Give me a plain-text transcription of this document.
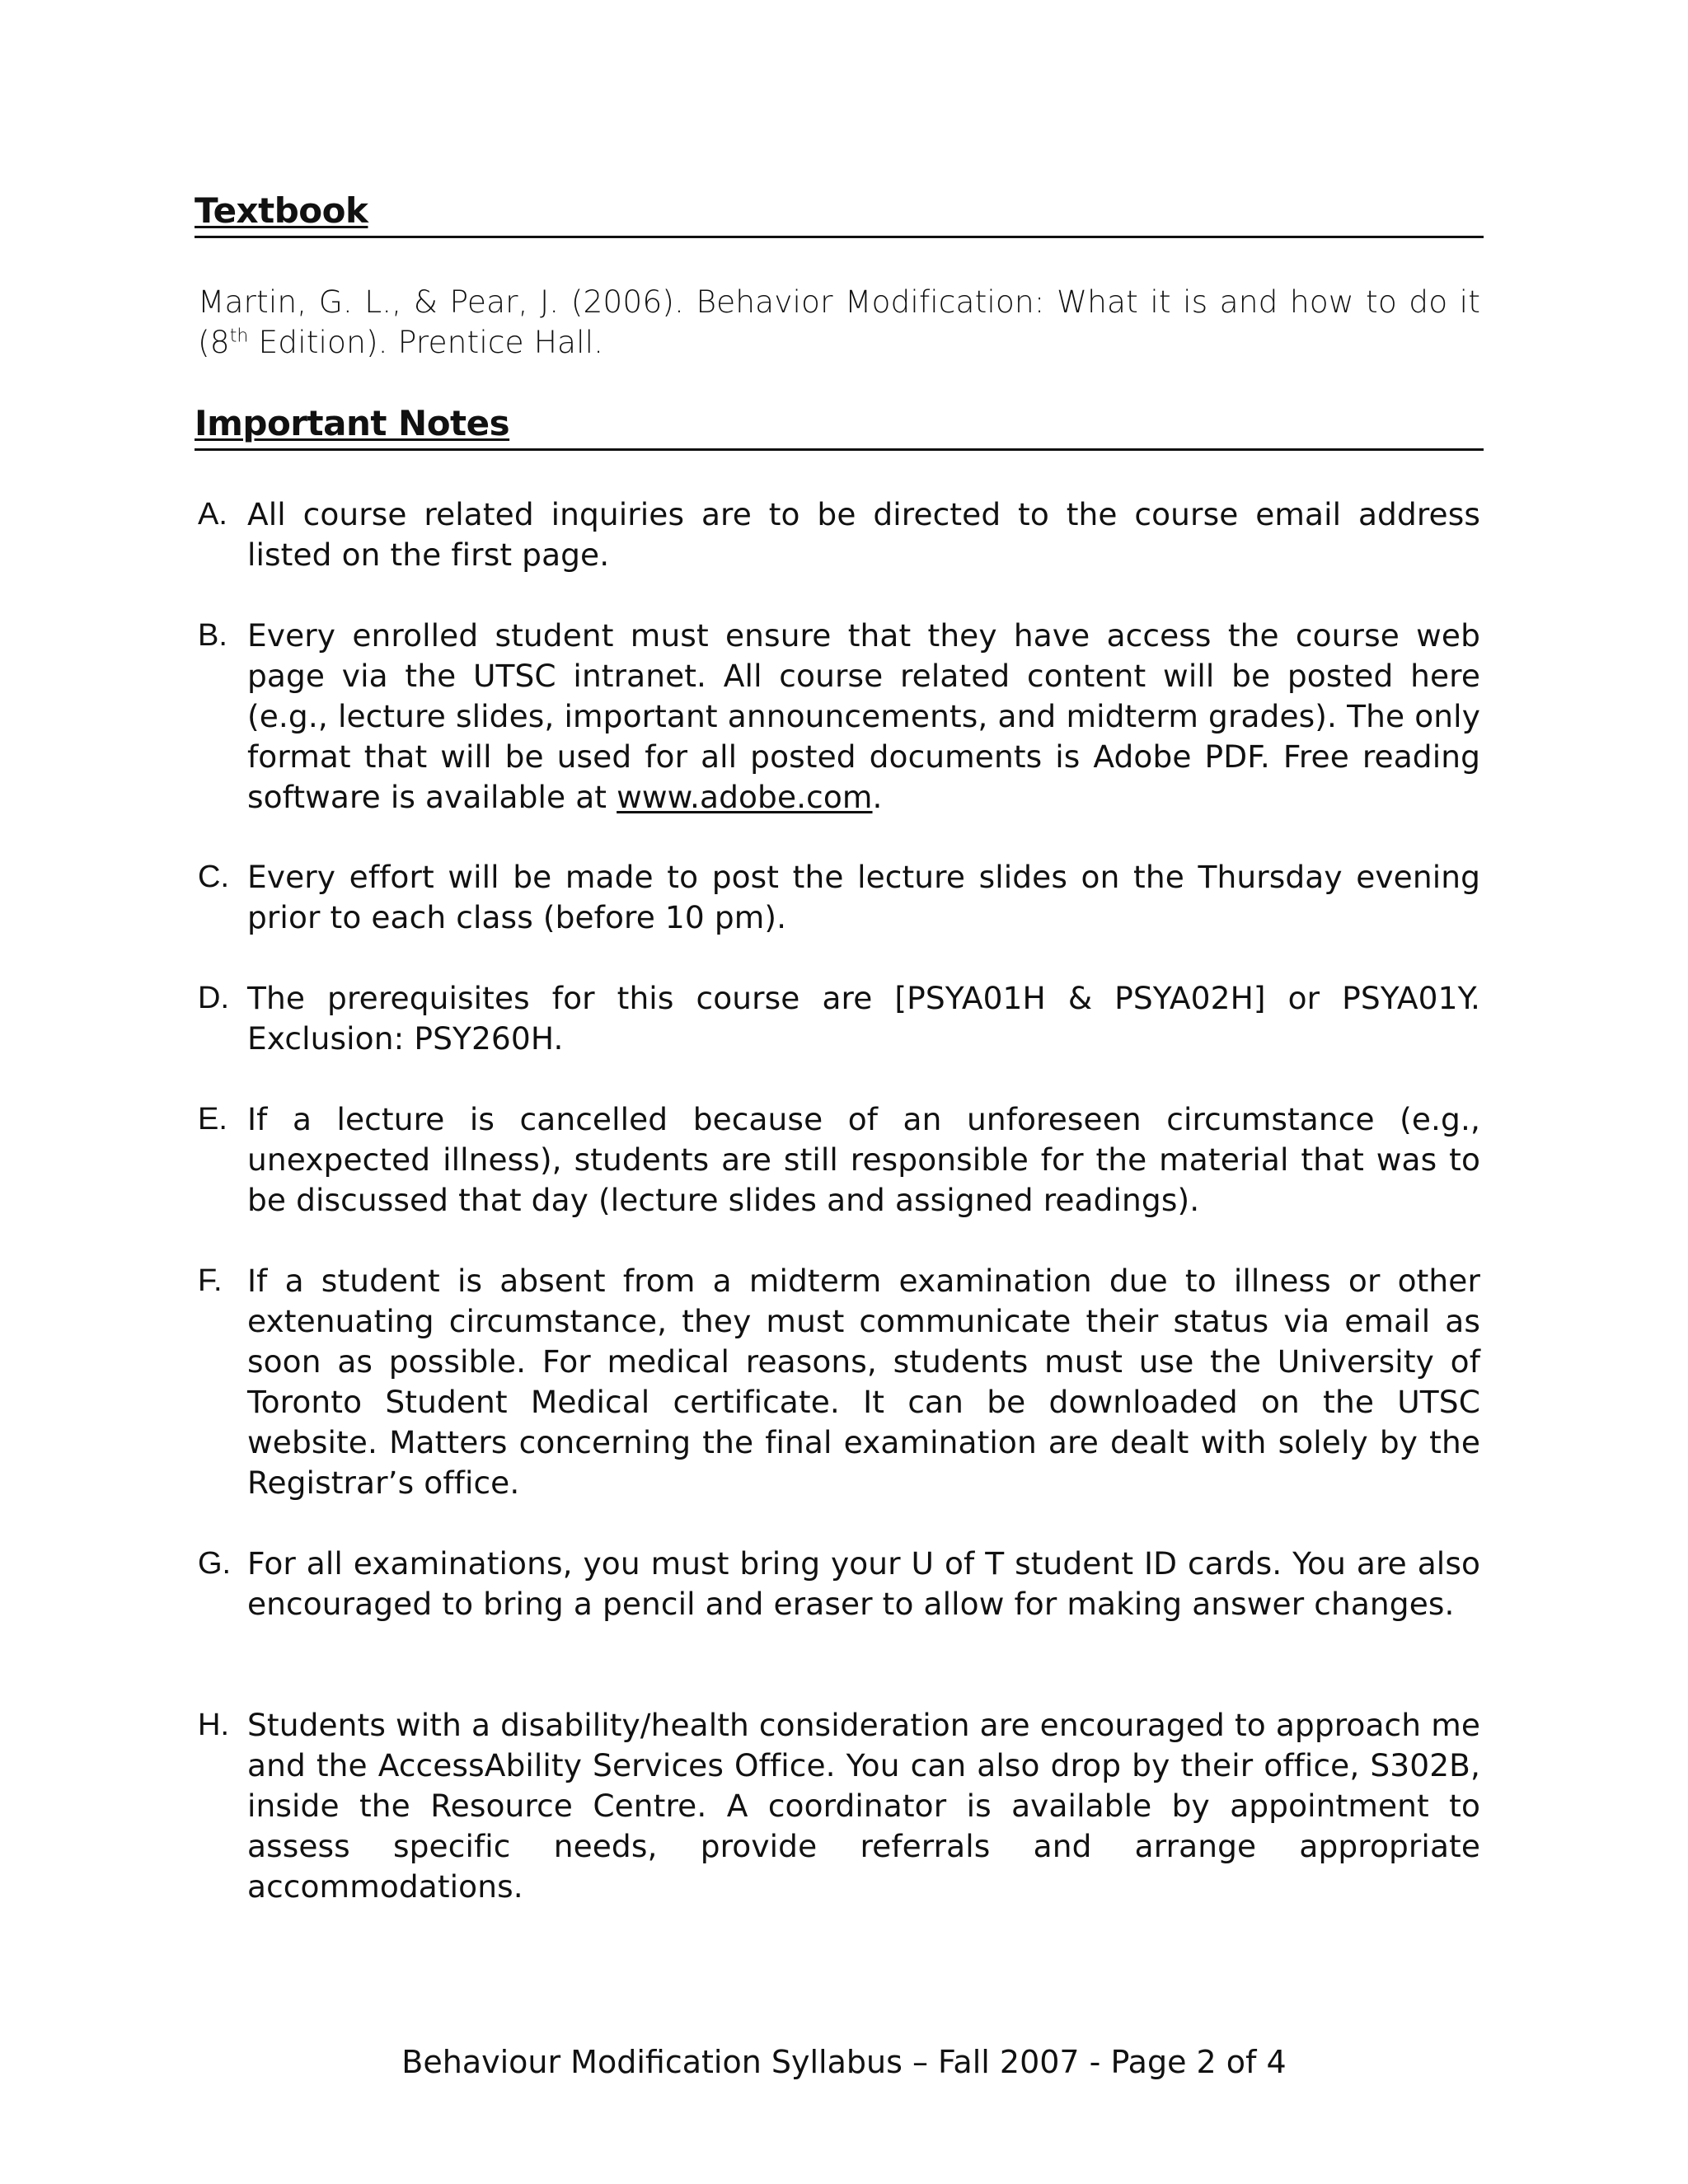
Textbook
Martin, G. L., & Pear, J. (2006). Behavior Modification: What it is and how to do it (8th Edition). Prentice Hall.
Important Notes
A. All course related inquiries are to be directed to the course email address listed on the first page.
B. Every enrolled student must ensure that they have access the course web page via the UTSC intranet. All course related content will be posted here (e.g., lecture slides, important announcements, and midterm grades). The only format that will be used for all posted documents is Adobe PDF. Free reading software is available at www.adobe.com.
C. Every effort will be made to post the lecture slides on the Thursday evening prior to each class (before 10 pm).
D. The prerequisites for this course are [PSYA01H & PSYA02H] or PSYA01Y. Exclusion: PSY260H.
E. If a lecture is cancelled because of an unforeseen circumstance (e.g., unexpected illness), students are still responsible for the material that was to be discussed that day (lecture slides and assigned readings).
F. If a student is absent from a midterm examination due to illness or other extenuating circumstance, they must communicate their status via email as soon as possible. For medical reasons, students must use the University of Toronto Student Medical certificate. It can be downloaded on the UTSC website. Matters concerning the final examination are dealt with solely by the Registrar’s office.
G. For all examinations, you must bring your U of T student ID cards. You are also encouraged to bring a pencil and eraser to allow for making answer changes.
H. Students with a disability/health consideration are encouraged to approach me and the AccessAbility Services Office. You can also drop by their office, S302B, inside the Resource Centre. A coordinator is available by appointment to assess specific needs, provide referrals and arrange appropriate accommodations.
Behaviour Modification Syllabus – Fall 2007 - Page 2 of 4
